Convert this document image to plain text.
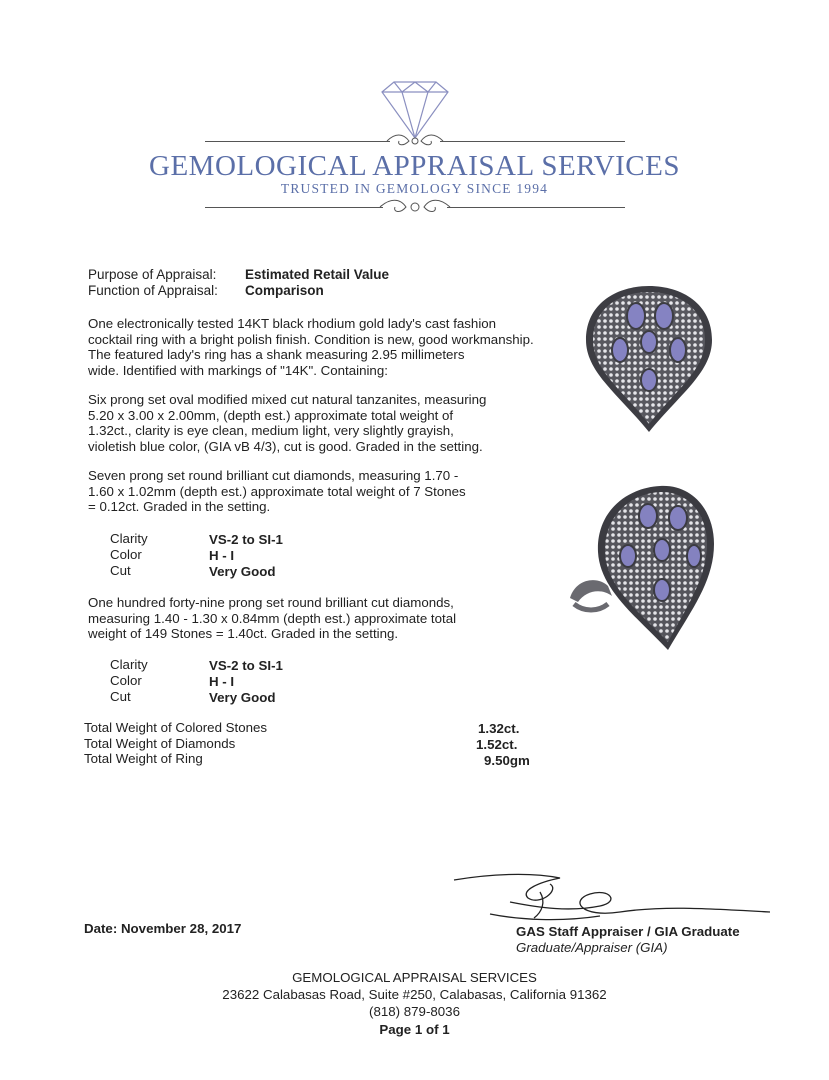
GEMOLOGICAL APPRAISAL SERVICES
TRUSTED IN GEMOLOGY SINCE 1994
Purpose of Appraisal: Estimated Retail Value
Function of Appraisal: Comparison
One electronically tested 14KT black rhodium gold lady's cast fashion
cocktail ring with a bright polish finish. Condition is new, good workmanship.
The featured lady's ring has a shank measuring 2.95 millimeters
wide. Identified with markings of "14K". Containing:
Six prong set oval modified mixed cut natural tanzanites, measuring
5.20 x 3.00 x 2.00mm, (depth est.) approximate total weight of
1.32ct., clarity is eye clean, medium light, very slightly grayish,
violetish blue color, (GIA vB 4/3), cut is good. Graded in the setting.
Seven prong set round brilliant cut diamonds, measuring 1.70 -
1.60 x 1.02mm (depth est.) approximate total weight of 7 Stones
= 0.12ct. Graded in the setting.
Clarity	VS-2 to SI-1
Color	H - I
Cut	Very Good
One hundred forty-nine prong set round brilliant cut diamonds,
measuring 1.40 - 1.30 x 0.84mm (depth est.) approximate total
weight of 149 Stones = 1.40ct. Graded in the setting.
Clarity	VS-2 to SI-1
Color	H - I
Cut	Very Good
Total Weight of Colored Stones	1.32ct.
Total Weight of Diamonds	1.52ct.
Total Weight of Ring	9.50gm
Date: November 28, 2017	GAS Staff Appraiser / GIA Graduate
Graduate/Appraiser (GIA)
GEMOLOGICAL APPRAISAL SERVICES
23622 Calabasas Road, Suite #250, Calabasas, California 91362
(818) 879-8036
Page 1 of 1
